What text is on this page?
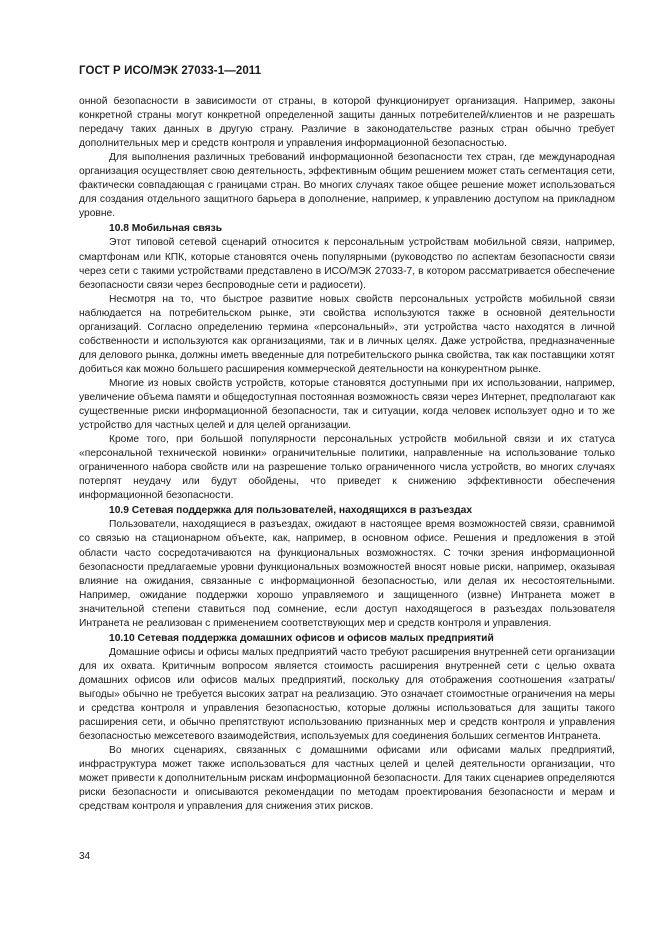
ГОСТ Р ИСО/МЭК 27033-1—2011

онной безопасности в зависимости от страны, в которой функционирует организация. Например, законы конкретной страны могут конкретной определенной защиты данных потребителей/клиентов и не разрешать передачу таких данных в другую страну. Различие в законодательстве разных стран обычно требует дополнительных мер и средств контроля и управления информационной безопасностью.

Для выполнения различных требований информационной безопасности тех стран, где международная организация осуществляет свою деятельность, эффективным общим решением может стать сегментация сети, фактически совпадающая с границами стран. Во многих случаях такое общее решение может использоваться для создания отдельного защитного барьера в дополнение, например, к управлению доступом на прикладном уровне.

10.8 Мобильная связь

Этот типовой сетевой сценарий относится к персональным устройствам мобильной связи, например, смартфонам или КПК, которые становятся очень популярными (руководство по аспектам безопасности связи через сети с такими устройствами представлено в ИСО/МЭК 27033-7, в котором рассматривается обеспечение безопасности связи через беспроводные сети и радиосети).

Несмотря на то, что быстрое развитие новых свойств персональных устройств мобильной связи наблюдается на потребительском рынке, эти свойства используются также в основной деятельности организаций. Согласно определению термина «персональный», эти устройства часто находятся в личной собственности и используются как организациями, так и в личных целях. Даже устройства, предназначенные для делового рынка, должны иметь введенные для потребительского рынка свойства, так как поставщики хотят добиться как можно большего расширения коммерческой деятельности на конкурентном рынке.

Многие из новых свойств устройств, которые становятся доступными при их использовании, например, увеличение объема памяти и общедоступная постоянная возможность связи через Интернет, предполагают как существенные риски информационной безопасности, так и ситуации, когда человек использует одно и то же устройство для частных целей и для целей организации.

Кроме того, при большой популярности персональных устройств мобильной связи и их статуса «персональной технической новинки» ограничительные политики, направленные на использование только ограниченного набора свойств или на разрешение только ограниченного числа устройств, во многих случаях потерпят неудачу или будут обойдены, что приведет к снижению эффективности обеспечения информационной безопасности.

10.9 Сетевая поддержка для пользователей, находящихся в разъездах

Пользователи, находящиеся в разъездах, ожидают в настоящее время возможностей связи, сравнимой со связью на стационарном объекте, как, например, в основном офисе. Решения и предложения в этой области часто сосредотачиваются на функциональных возможностях. С точки зрения информационной безопасности предлагаемые уровни функциональных возможностей вносят новые риски, например, оказывая влияние на ожидания, связанные с информационной безопасностью, или делая их несостоятельными. Например, ожидание поддержки хорошо управляемого и защищенного (извне) Интранета может в значительной степени ставиться под сомнение, если доступ находящегося в разъездах пользователя Интранета не реализован с применением соответствующих мер и средств контроля и управления.

10.10 Сетевая поддержка домашних офисов и офисов малых предприятий

Домашние офисы и офисы малых предприятий часто требуют расширения внутренней сети организации для их охвата. Критичным вопросом является стоимость расширения внутренней сети с целью охвата домашних офисов или офисов малых предприятий, поскольку для отображения соотношения «затраты/выгоды» обычно не требуется высоких затрат на реализацию. Это означает стоимостные ограничения на меры и средства контроля и управления безопасностью, которые должны использоваться для защиты такого расширения сети, и обычно препятствуют использованию признанных мер и средств контроля и управления безопасностью межсетевого взаимодействия, используемых для соединения больших сегментов Интранета.

Во многих сценариях, связанных с домашними офисами или офисами малых предприятий, инфраструктура может также использоваться для частных целей и целей деятельности организации, что может привести к дополнительным рискам информационной безопасности. Для таких сценариев определяются риски безопасности и описываются рекомендации по методам проектирования безопасности и мерам и средствам контроля и управления для снижения этих рисков.

34
